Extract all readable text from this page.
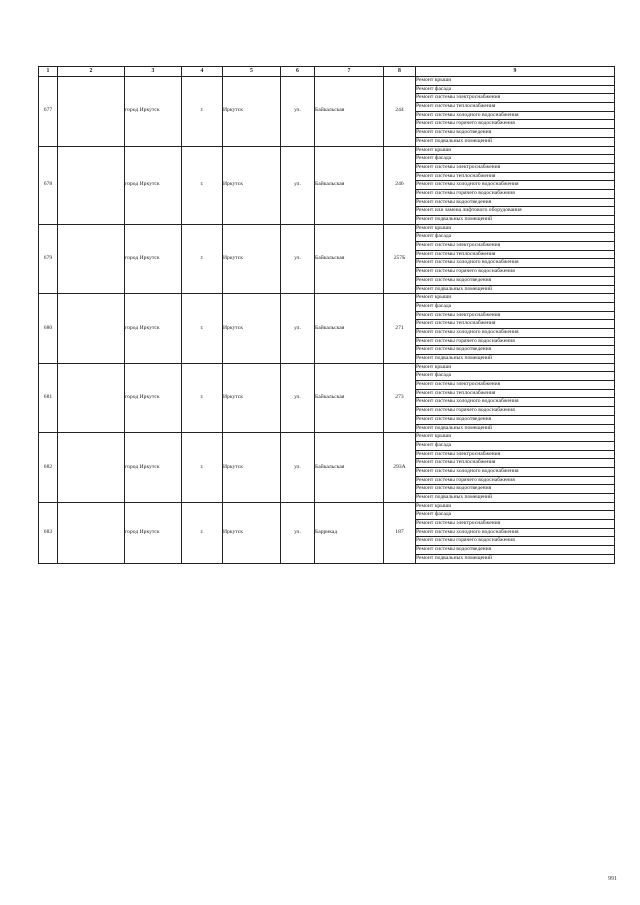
1	2	3	4	5	6	7	8	9
677		город Иркутск	г.	Иркутск	ул.	Байкальская	244	Ремонт крыши
								Ремонт фасада
								Ремонт системы электроснабжения
								Ремонт системы теплоснабжения
								Ремонт системы холодного водоснабжения
								Ремонт системы горячего водоснабжения
								Ремонт системы водоотведения
								Ремонт подвальных помещений
678		город Иркутск	г.	Иркутск	ул.	Байкальская	246	Ремонт крыши
								Ремонт фасада
								Ремонт системы электроснабжения
								Ремонт системы теплоснабжения
								Ремонт системы холодного водоснабжения
								Ремонт системы горячего водоснабжения
								Ремонт системы водоотведения
								Ремонт или замена лифтового оборудования
								Ремонт подвальных помещений
679		город Иркутск	г.	Иркутск	ул.	Байкальская	257Б	Ремонт крыши
								Ремонт фасада
								Ремонт системы электроснабжения
								Ремонт системы теплоснабжения
								Ремонт системы холодного водоснабжения
								Ремонт системы горячего водоснабжения
								Ремонт системы водоотведения
								Ремонт подвальных помещений
680		город Иркутск	г.	Иркутск	ул.	Байкальская	271	Ремонт крыши
								Ремонт фасада
								Ремонт системы электроснабжения
								Ремонт системы теплоснабжения
								Ремонт системы холодного водоснабжения
								Ремонт системы горячего водоснабжения
								Ремонт системы водоотведения
								Ремонт подвальных помещений
681		город Иркутск	г.	Иркутск	ул.	Байкальская	273	Ремонт крыши
								Ремонт фасада
								Ремонт системы электроснабжения
								Ремонт системы теплоснабжения
								Ремонт системы холодного водоснабжения
								Ремонт системы горячего водоснабжения
								Ремонт системы водоотведения
								Ремонт подвальных помещений
682		город Иркутск	г.	Иркутск	ул.	Байкальская	293А	Ремонт крыши
								Ремонт фасада
								Ремонт системы электроснабжения
								Ремонт системы теплоснабжения
								Ремонт системы холодного водоснабжения
								Ремонт системы горячего водоснабжения
								Ремонт системы водоотведения
								Ремонт подвальных помещений
683		город Иркутск	г.	Иркутск	ул.	Баррикад	187	Ремонт крыши
								Ремонт фасада
								Ремонт системы электроснабжения
								Ремонт системы холодного водоснабжения
								Ремонт системы горячего водоснабжения
								Ремонт системы водоотведения
								Ремонт подвальных помещений
991
